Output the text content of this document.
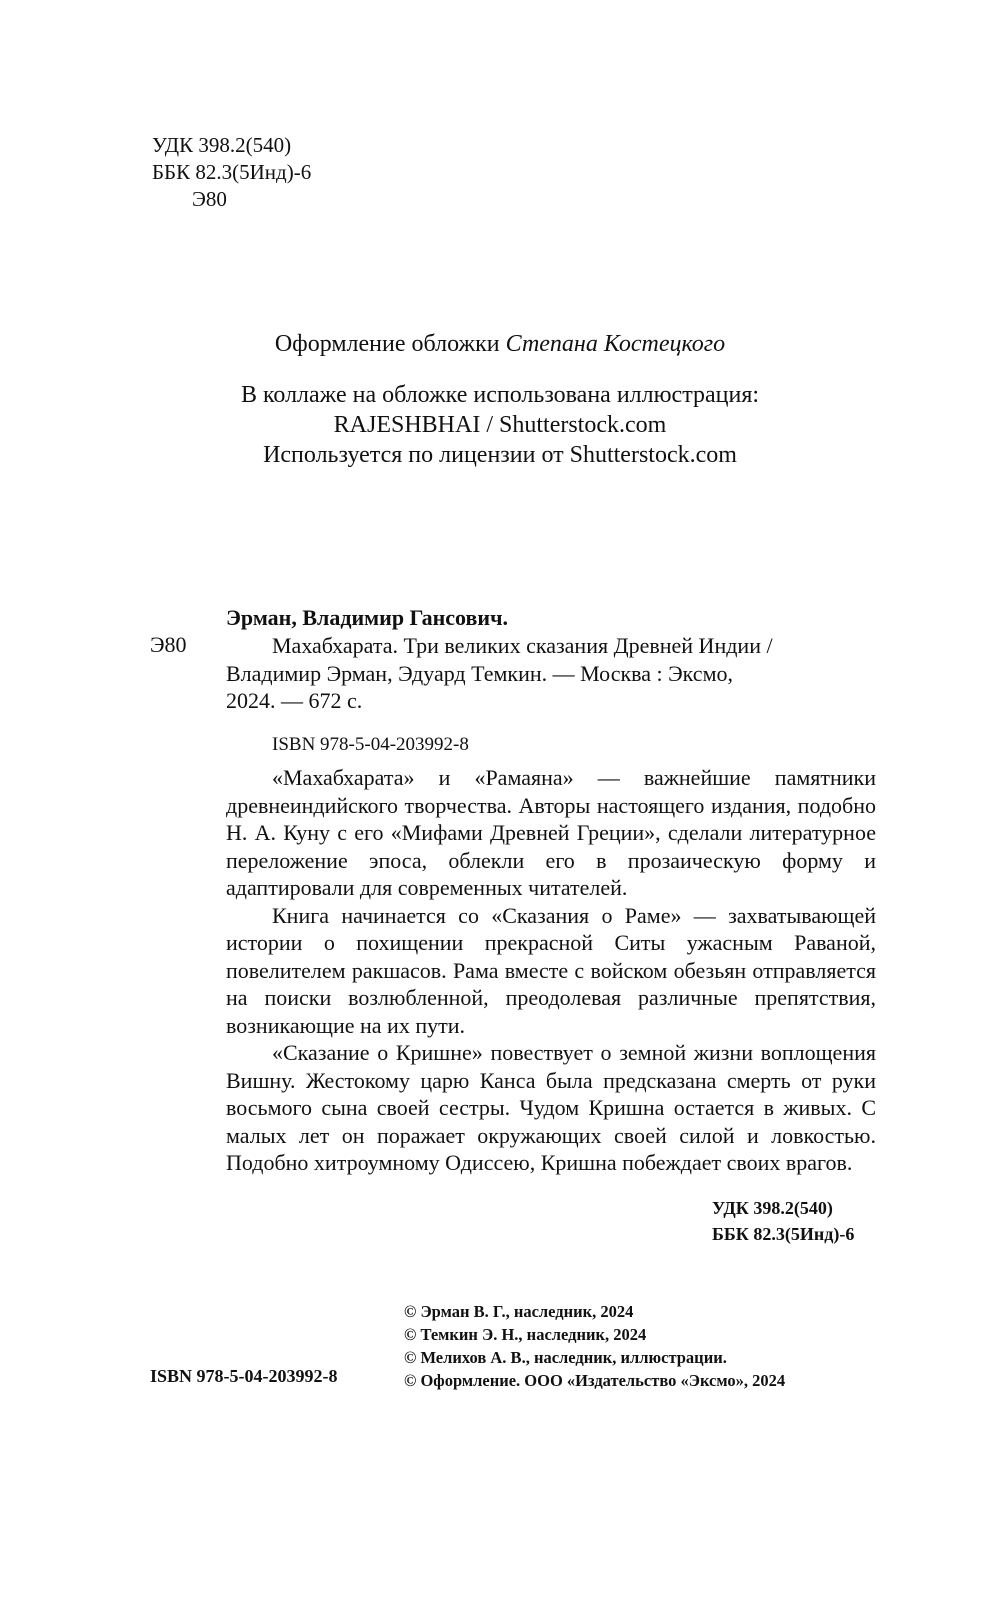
УДК 398.2(540)
ББК 82.3(5Инд)-6
Э80
Оформление обложки Степана Костецкого
В коллаже на обложке использована иллюстрация:
RAJESHBHAI / Shutterstock.com
Используется по лицензии от Shutterstock.com
Эрман, Владимир Гансович.
Э80	Махабхарата. Три великих сказания Древней Индии /
Владимир Эрман, Эдуард Темкин. — Москва : Эксмо,
2024. — 672 с.
ISBN 978-5-04-203992-8

«Махабхарата» и «Рамаяна» — важнейшие памятники древнеиндийского творчества. Авторы настоящего издания, подобно Н. А. Куну с его «Мифами Древней Греции», сделали литературное переложение эпоса, облекли его в прозаическую форму и адаптировали для современных читателей.

Книга начинается со «Сказания о Раме» — захватывающей истории о похищении прекрасной Ситы ужасным Раваной, повелителем ракшасов. Рама вместе с войском обезьян отправляется на поиски возлюбленной, преодолевая различные препятствия, возникающие на их пути.

«Сказание о Кришне» повествует о земной жизни воплощения Вишну. Жестокому царю Канса была предсказана смерть от руки восьмого сына своей сестры. Чудом Кришна остается в живых. С малых лет он поражает окружающих своей силой и ловкостью. Подобно хитроумному Одиссею, Кришна побеждает своих врагов.

УДК 398.2(540)
ББК 82.3(5Инд)-6
© Эрман В. Г., наследник, 2024
© Темкин Э. Н., наследник, 2024
© Мелихов А. В., наследник, иллюстрации.
© Оформление. ООО «Издательство «Эксмо», 2024
ISBN 978-5-04-203992-8
